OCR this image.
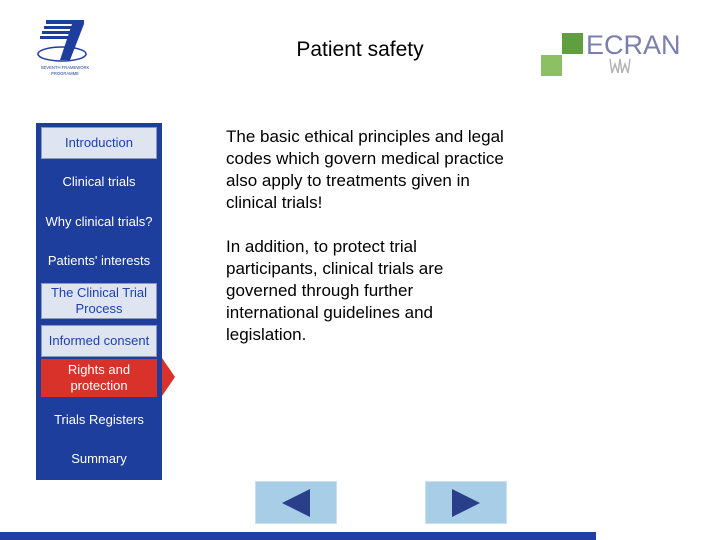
SEVENTH FRAMEWORK
PROGRAMME
Patient safety	ECRAN
Introduction
Clinical trials
Why clinical trials?
Patients' interests
The Clinical Trial Process
Informed consent
Rights and protection
Trials Registers
Summary

The basic ethical principles and legal codes which govern medical practice also apply to treatments given in clinical trials!

In addition, to protect trial participants, clinical trials are governed through further international guidelines and legislation.
